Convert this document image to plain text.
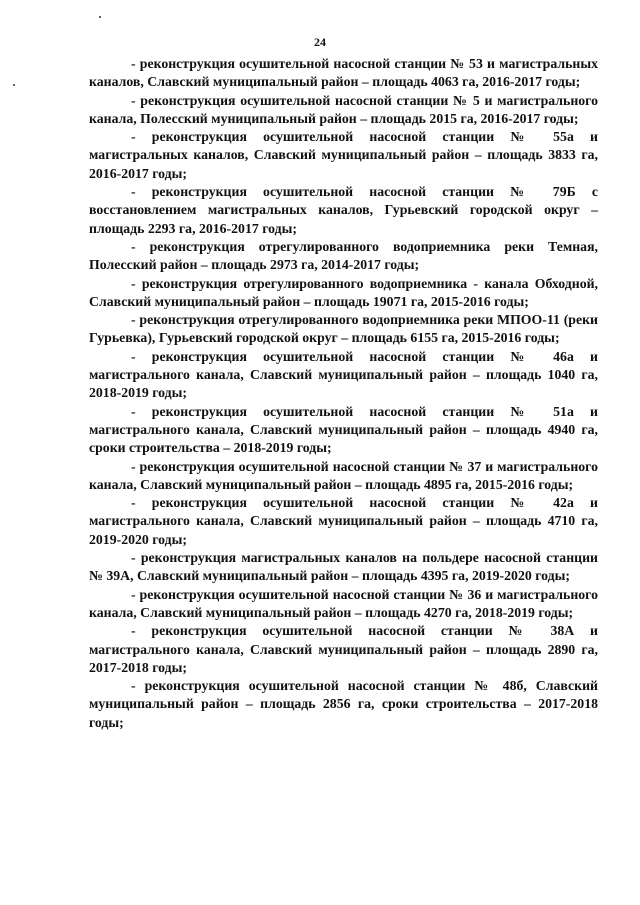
24

- реконструкция осушительной насосной станции № 53 и магистральных каналов, Славский муниципальный район – площадь 4063 га, 2016-2017 годы;

- реконструкция осушительной насосной станции № 5 и магистрального канала, Полесский муниципальный район – площадь 2015 га, 2016-2017 годы;

- реконструкция осушительной насосной станции № 55а и магистральных каналов, Славский муниципальный район – площадь 3833 га, 2016-2017 годы;

- реконструкция осушительной насосной станции № 79Б с восстановлением магистральных каналов, Гурьевский городской округ – площадь 2293 га, 2016-2017 годы;

- реконструкция отрегулированного водоприемника реки Темная, Полесский район – площадь 2973 га, 2014-2017 годы;

- реконструкция отрегулированного водоприемника - канала Обходной, Славский муниципальный район – площадь 19071 га, 2015-2016 годы;

- реконструкция отрегулированного водоприемника реки МПОО-11 (реки Гурьевка), Гурьевский городской округ – площадь 6155 га, 2015-2016 годы;

- реконструкция осушительной насосной станции № 46а и магистрального канала, Славский муниципальный район – площадь 1040 га, 2018-2019 годы;

- реконструкция осушительной насосной станции № 51а и магистрального канала, Славский муниципальный район – площадь 4940 га, сроки строительства – 2018-2019 годы;

- реконструкция осушительной насосной станции № 37 и магистрального канала, Славский муниципальный район – площадь 4895 га, 2015-2016 годы;

- реконструкция осушительной насосной станции № 42а и магистрального канала, Славский муниципальный район – площадь 4710 га, 2019-2020 годы;

- реконструкция магистральных каналов на польдере насосной станции № 39А, Славский муниципальный район – площадь 4395 га, 2019-2020 годы;

- реконструкция осушительной насосной станции № 36 и магистрального канала, Славский муниципальный район – площадь 4270 га, 2018-2019 годы;

- реконструкция осушительной насосной станции № 38А и магистрального канала, Славский муниципальный район – площадь 2890 га, 2017-2018 годы;

- реконструкция осушительной насосной станции № 48б, Славский муниципальный район – площадь 2856 га, сроки строительства – 2017-2018 годы;
